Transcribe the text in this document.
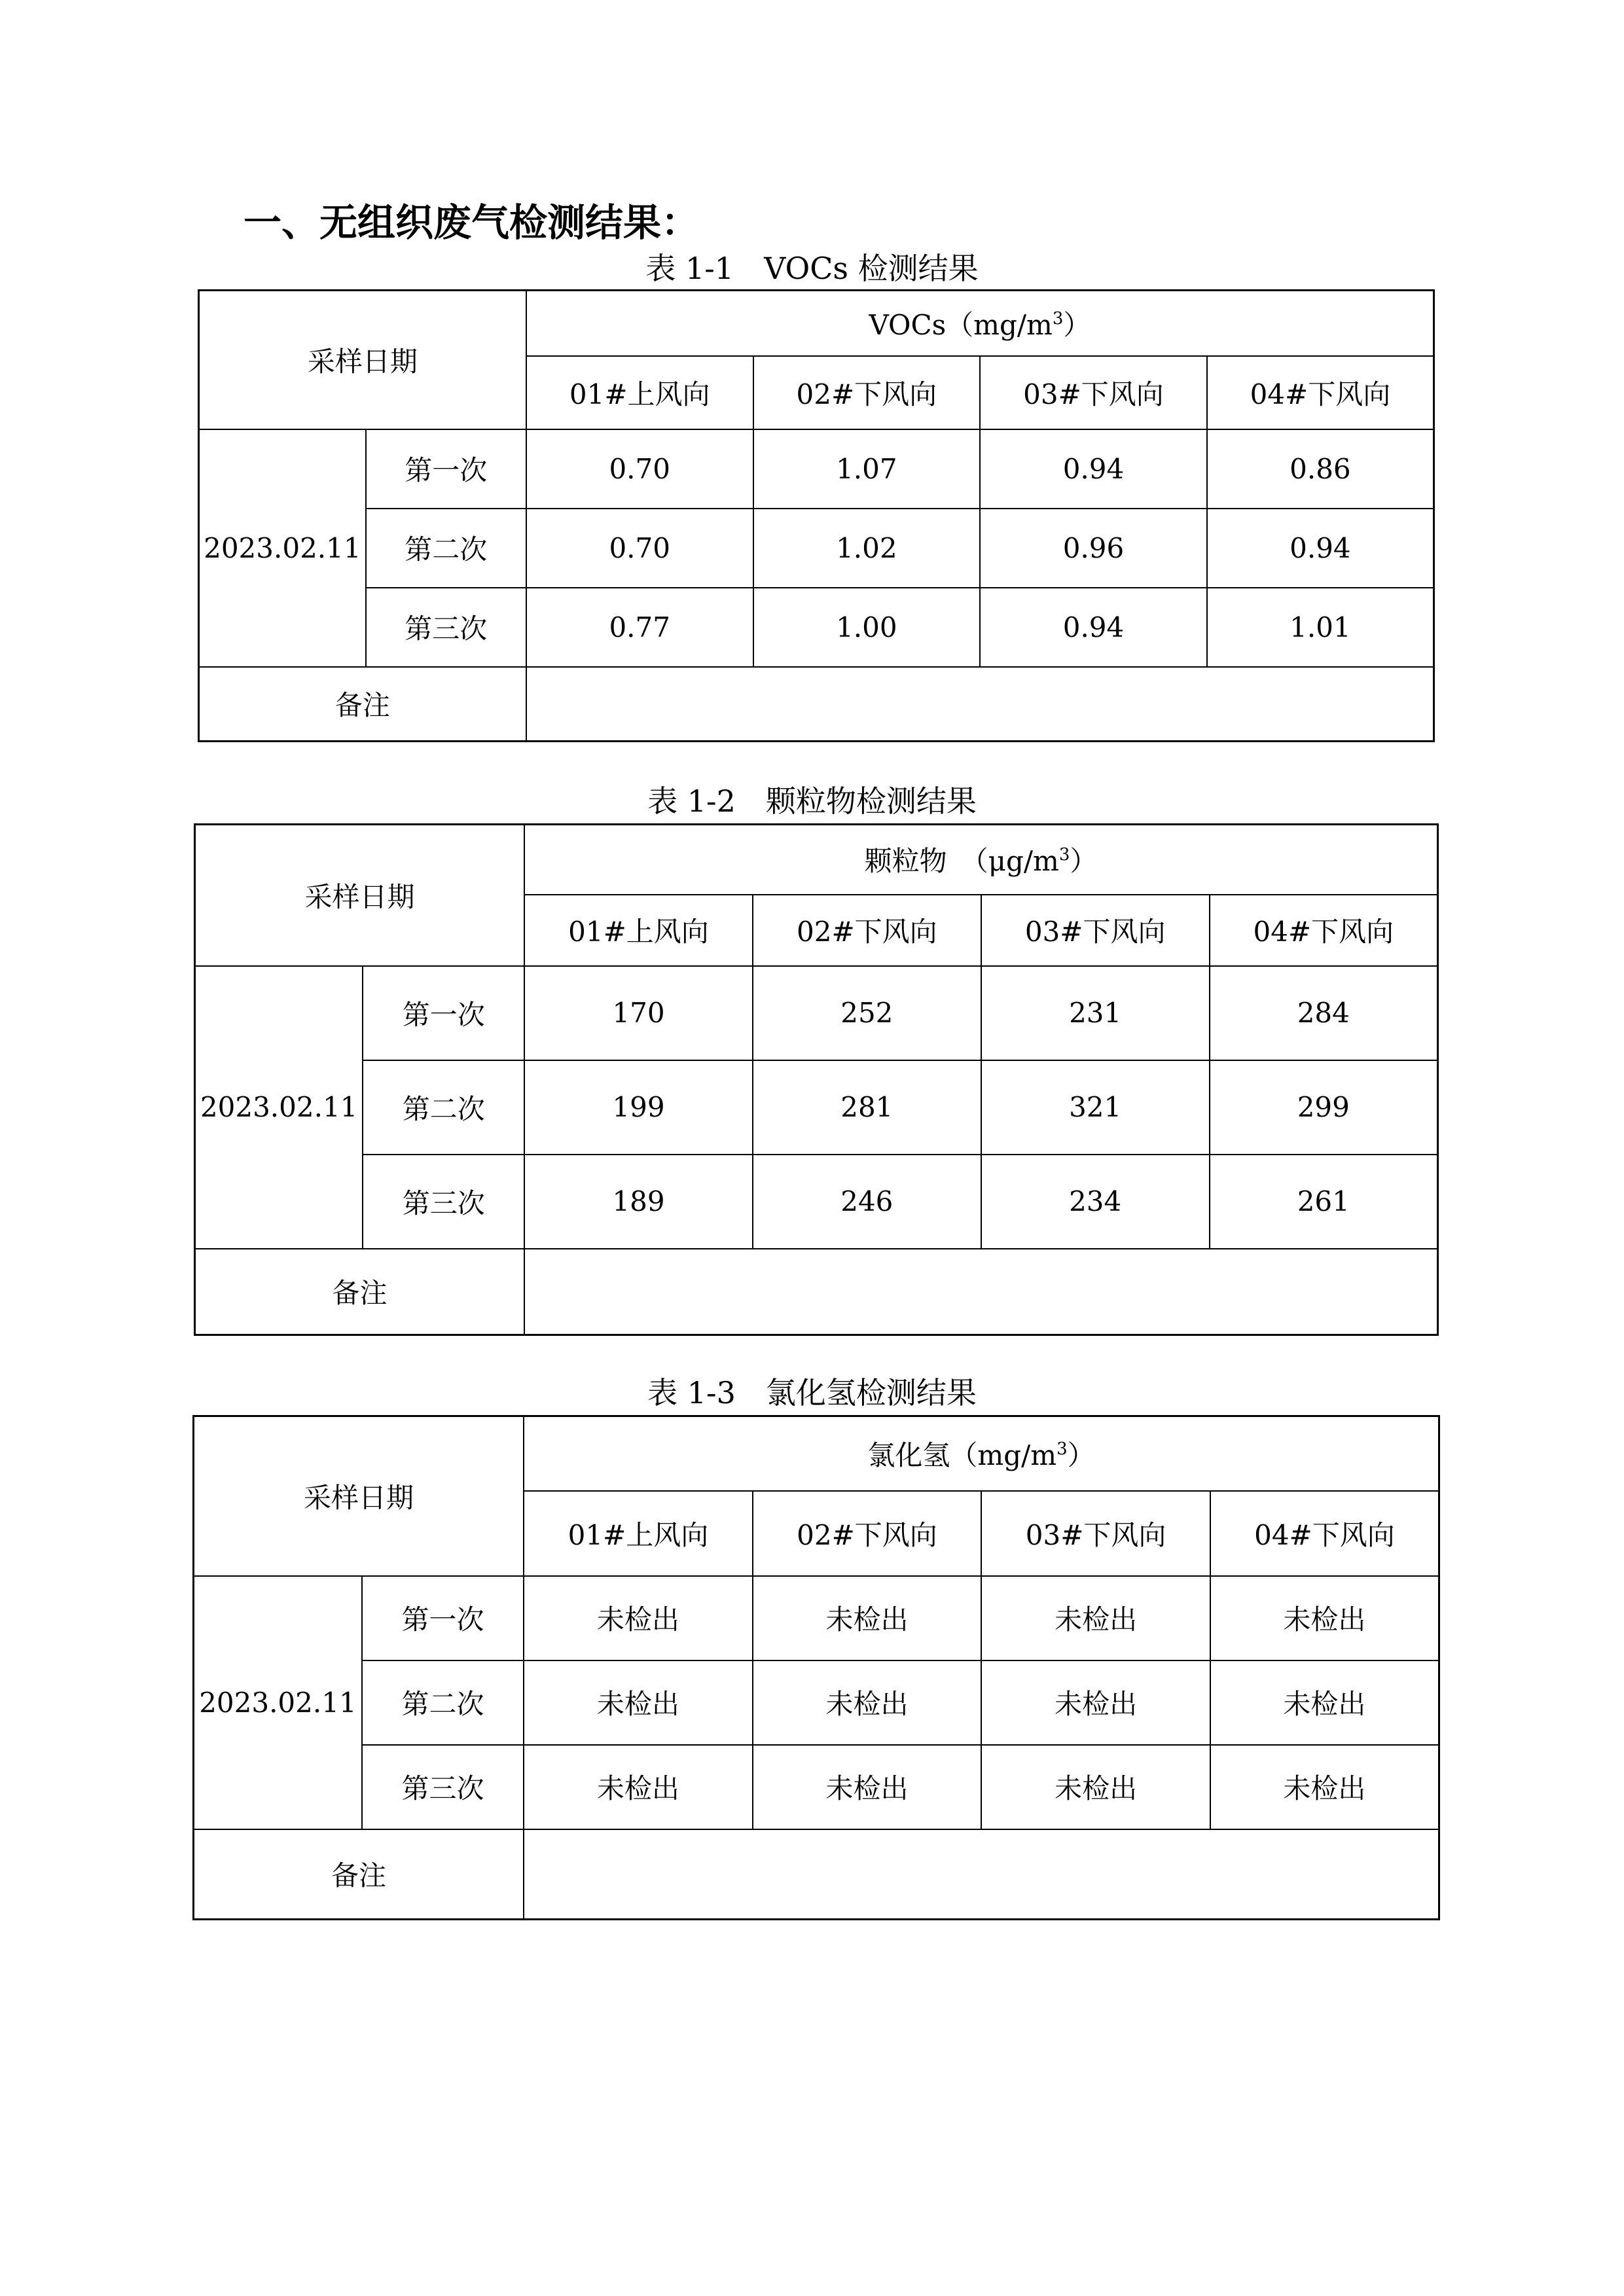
一、无组织废气检测结果：
表 1-1　VOCs 检测结果
采样日期		$VOCs(mg/m^3)$			
		01#上风向	02#下风向	03#下风向	04#下风向
2023.02.11	第一次	0.70	1.07	0.94	0.86
	第二次	0.70	1.02	0.96	0.94
	第三次	0.77	1.00	0.94	1.01
备注					
表 1-2　颗粒物检测结果
采样日期		颗粒物　$(\mu g/m^3)$			
		01#上风向	02#下风向	03#下风向	04#下风向
2023.02.11	第一次	170	252	231	284
	第二次	199	281	321	299
	第三次	189	246	234	261
备注					
表 1-3　氯化氢检测结果
采样日期		氯化氢$(mg/m^3)$			
		01#上风向	02#下风向	03#下风向	04#下风向
2023.02.11	第一次	未检出	未检出	未检出	未检出
	第二次	未检出	未检出	未检出	未检出
	第三次	未检出	未检出	未检出	未检出
备注					
